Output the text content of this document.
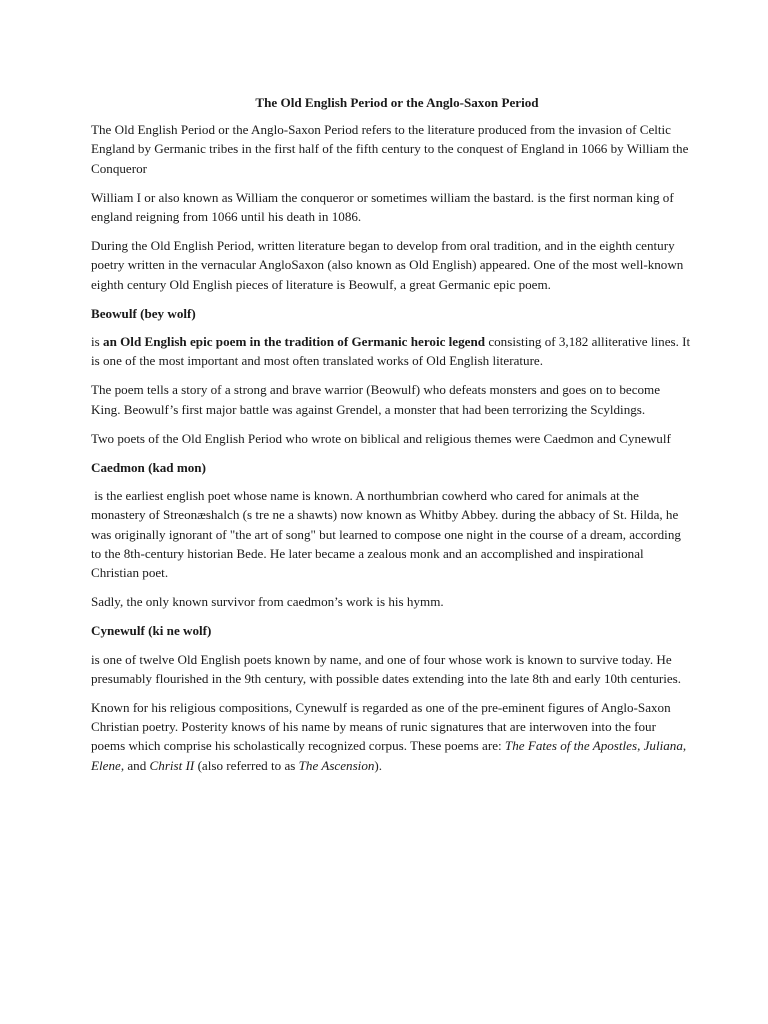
The Old English Period or the Anglo-Saxon Period

The Old English Period or the Anglo-Saxon Period refers to the literature produced from the invasion of Celtic England by Germanic tribes in the first half of the fifth century to the conquest of England in 1066 by William the Conqueror

William I or also known as William the conqueror or sometimes william the bastard. is the first norman king of england reigning from 1066 until his death in 1086.

During the Old English Period, written literature began to develop from oral tradition, and in the eighth century poetry written in the vernacular AngloSaxon (also known as Old English) appeared. One of the most well-known eighth century Old English pieces of literature is Beowulf, a great Germanic epic poem.

Beowulf (bey wolf)

is an Old English epic poem in the tradition of Germanic heroic legend consisting of 3,182 alliterative lines. It is one of the most important and most often translated works of Old English literature.

The poem tells a story of a strong and brave warrior (Beowulf) who defeats monsters and goes on to become King. Beowulf’s first major battle was against Grendel, a monster that had been terrorizing the Scyldings.

Two poets of the Old English Period who wrote on biblical and religious themes were Caedmon and Cynewulf

Caedmon (kad mon)

is the earliest english poet whose name is known. A northumbrian cowherd who cared for animals at the monastery of Streonæshalch (s tre ne a shawts) now known as Whitby Abbey. during the abbacy of St. Hilda, he was originally ignorant of "the art of song" but learned to compose one night in the course of a dream, according to the 8th-century historian Bede. He later became a zealous monk and an accomplished and inspirational Christian poet.

Sadly, the only known survivor from caedmon’s work is his hymm.

Cynewulf (ki ne wolf)

is one of twelve Old English poets known by name, and one of four whose work is known to survive today. He presumably flourished in the 9th century, with possible dates extending into the late 8th and early 10th centuries.

Known for his religious compositions, Cynewulf is regarded as one of the pre-eminent figures of Anglo-Saxon Christian poetry. Posterity knows of his name by means of runic signatures that are interwoven into the four poems which comprise his scholastically recognized corpus. These poems are: The Fates of the Apostles, Juliana, Elene, and Christ II (also referred to as The Ascension).
